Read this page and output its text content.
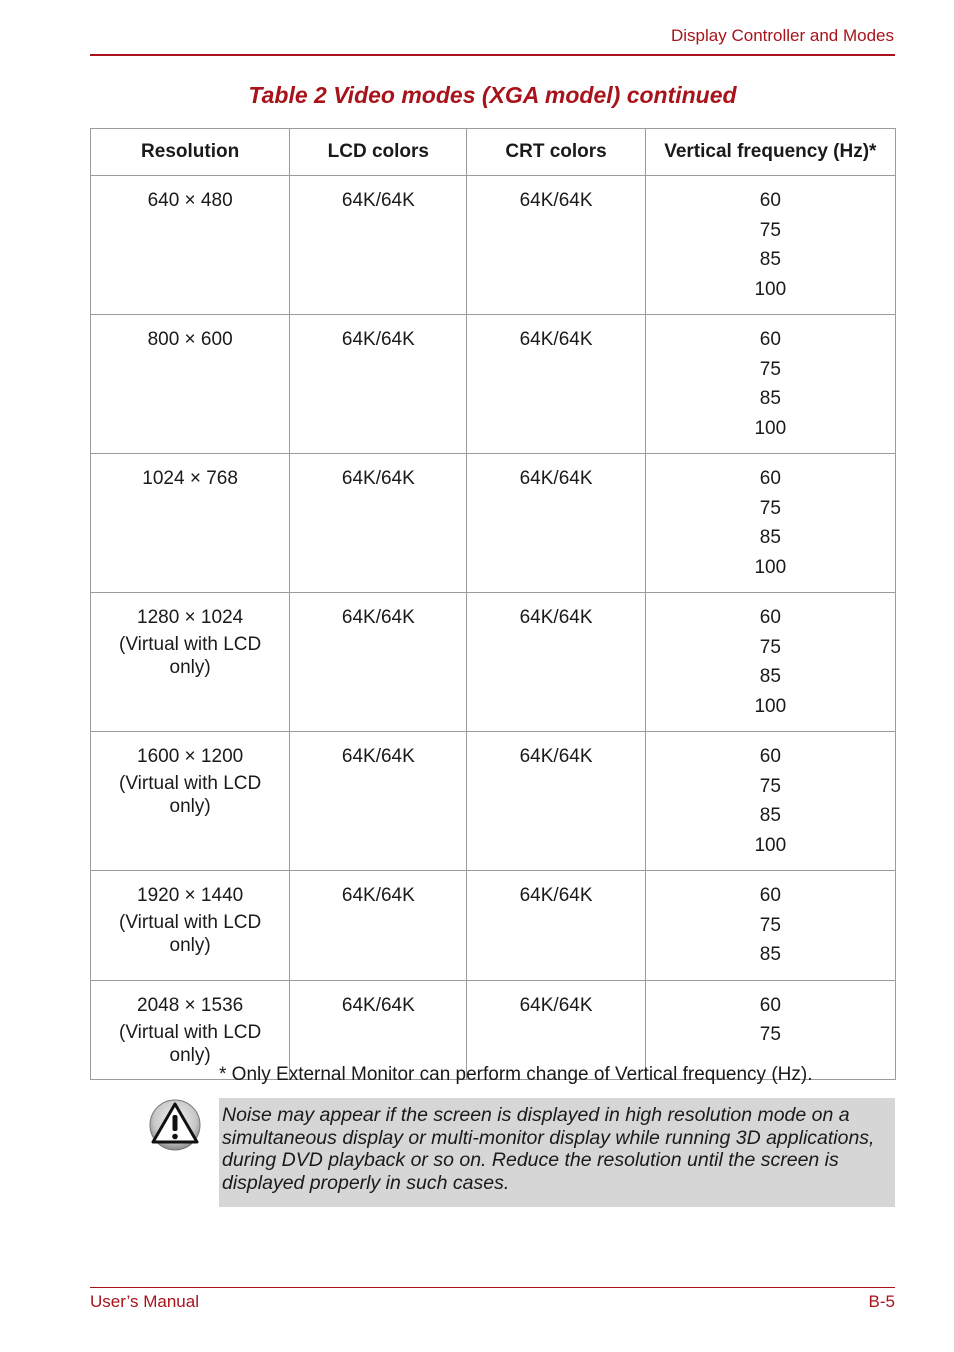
Display Controller and Modes
Table 2 Video modes (XGA model) continued
Resolution	LCD colors	CRT colors	Vertical frequency (Hz)*

640 × 480	64K/64K	64K/64K	60
75
85
100

800 × 600	64K/64K	64K/64K	60
75
85
100

1024 × 768	64K/64K	64K/64K	60
75
85
100

1280 × 1024
(Virtual with LCD only)	64K/64K	64K/64K	60
75
85
100

1600 × 1200
(Virtual with LCD only)	64K/64K	64K/64K	60
75
85
100

1920 × 1440
(Virtual with LCD only)	64K/64K	64K/64K	60
75
85

2048 × 1536
(Virtual with LCD only)	64K/64K	64K/64K	60
75
* Only External Monitor can perform change of Vertical frequency (Hz).
Noise may appear if the screen is displayed in high resolution mode on a simultaneous display or multi-monitor display while running 3D applications, during DVD playback or so on. Reduce the resolution until the screen is displayed properly in such cases.
User’s Manual	B-5
